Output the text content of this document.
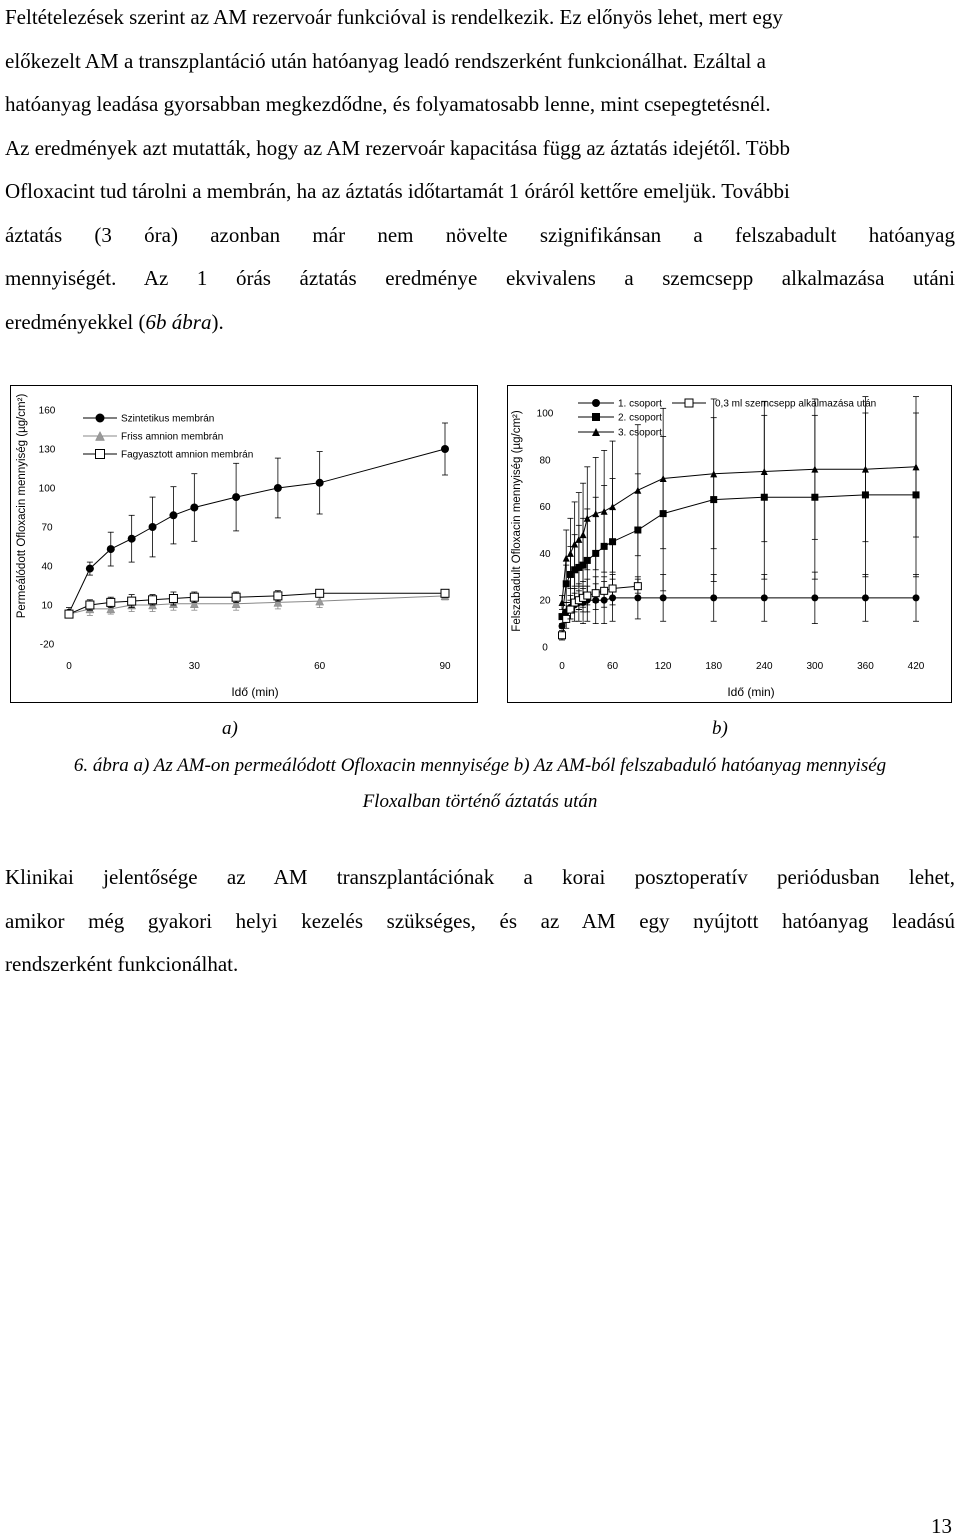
Feltételezések szerint az AM rezervoár funkcióval is rendelkezik. Ez előnyös lehet, mert egy
előkezelt AM a transzplantáció után hatóanyag leadó rendszerként funkcionálhat. Ezáltal a
hatóanyag leadása gyorsabban megkezdődne, és folyamatosabb lenne, mint csepegtetésnél.
Az eredmények azt mutatták, hogy az AM rezervoár kapacitása függ az áztatás idejétől. Több
Ofloxacint tud tárolni a membrán, ha az áztatás időtartamát 1 óráról kettőre emeljük. További
áztatás (3 óra) azonban már nem növelte szignifikánsan a felszabadult hatóanyag
mennyiségét. Az 1 órás áztatás eredménye ekvivalens a szemcsepp alkalmazása utáni
eredményekkel (6b ábra).
-20
10
40
70
100
130
160
0	30	60	90
Idő (min)
Permeálódott Ofloxacin mennyiség (µg/cm²)	Szintetikus membrán
Friss amnion membrán
Fagyasztott amnion membrán
0
20
40
60
80
100
0	60	120	180	240	300	360	420
Idő (min)
Felszabadult Ofloxacin mennyiség (µg/cm²)
1. csoport
2. csoport
3. csoport
0,3 ml szemcsepp alkalmazása után
a)	b)
6. ábra a) Az AM-on permeálódott Ofloxacin mennyisége b) Az AM-ból felszabaduló hatóanyag mennyiség
Floxalban történő áztatás után
Klinikai jelentősége az AM transzplantációnak a korai posztoperatív periódusban lehet,
amikor még gyakori helyi kezelés szükséges, és az AM egy nyújtott hatóanyag leadású
rendszerként funkcionálhat.
13
